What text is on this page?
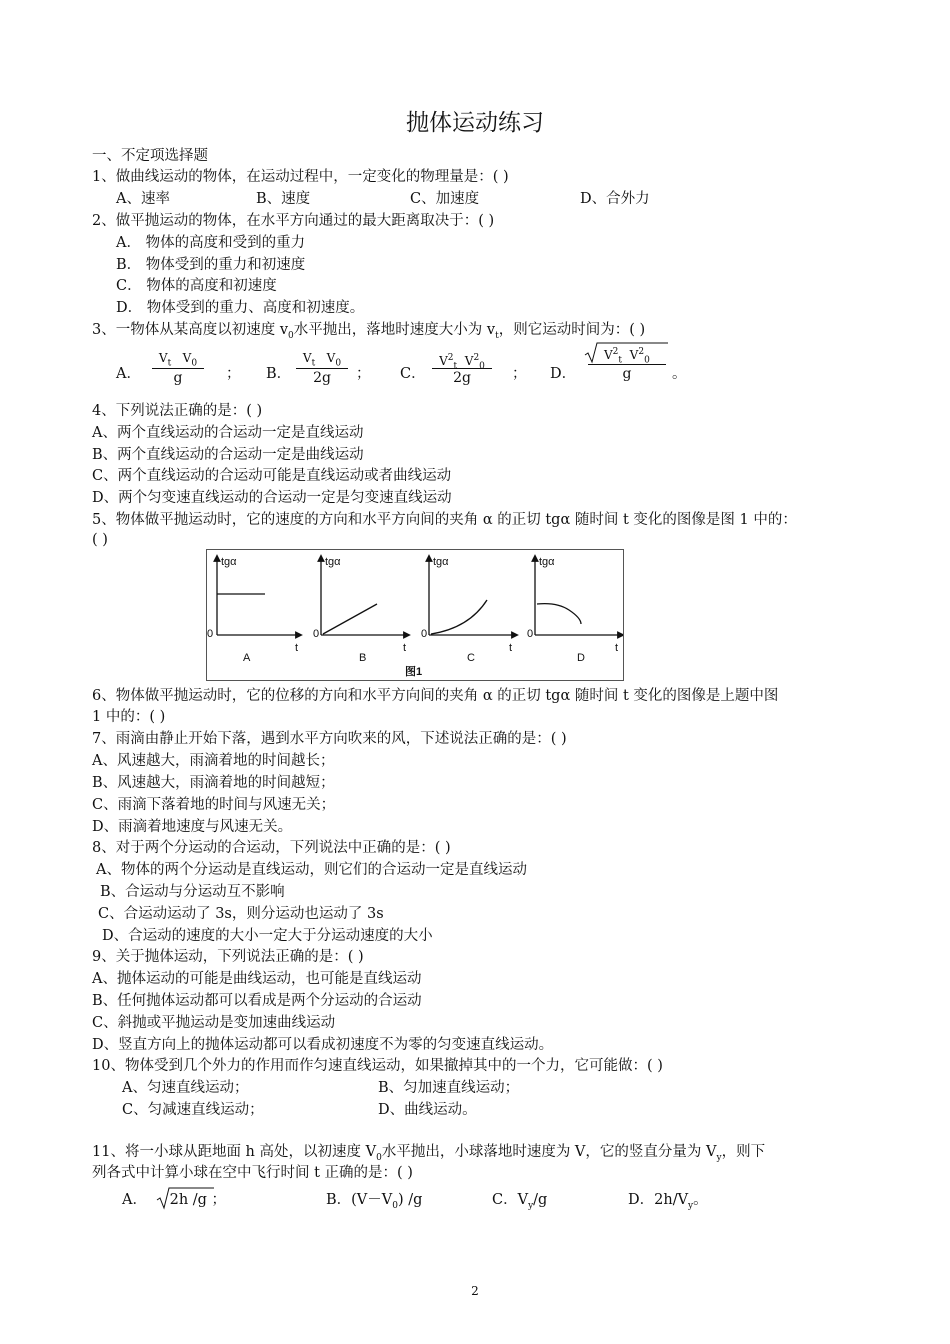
抛体运动练习
一、不定项选择题
1、做曲线运动的物体，在运动过程中，一定变化的物理量是：( )
A、速率	B、速度	C、加速度	D、合外力
2、做平抛运动的物体，在水平方向通过的最大距离取决于：( )
A． 物体的高度和受到的重力
B． 物体受到的重力和初速度
C． 物体的高度和初速度
D． 物体受到的重力、高度和初速度。
3、一物体从某高度以初速度 $v_0$水平抛出，落地时速度大小为 $v_t$，则它运动时间为：( )
A．
$V_t$ $V_0$
g	； B．
$V_t$ $V_0$
2g	； C．
$V^2_t$ $V^2_0$
2g	； D．
$V^2_t$ $V^2_0$
g	。
4、下列说法正确的是：( )
A、两个直线运动的合运动一定是直线运动
B、两个直线运动的合运动一定是曲线运动
C、两个直线运动的合运动可能是直线运动或者曲线运动
D、两个匀变速直线运动的合运动一定是匀变速直线运动
5、物体做平抛运动时，它的速度的方向和水平方向间的夹角 α 的正切 tgα 随时间 t 变化的图像是图 1 中的：
( )
tgα	tgα	tgα	tgα
0	0	0	0
t	t	t	t
A	B	C	D
图1
6、物体做平抛运动时，它的位移的方向和水平方向间的夹角 α 的正切 tgα 随时间 t 变化的图像是上题中图
1 中的：( )
7、雨滴由静止开始下落，遇到水平方向吹来的风，下述说法正确的是：( )
A、风速越大，雨滴着地的时间越长；
B、风速越大，雨滴着地的时间越短；
C、雨滴下落着地的时间与风速无关；
D、雨滴着地速度与风速无关。
8、对于两个分运动的合运动，下列说法中正确的是：( )
A、物体的两个分运动是直线运动，则它们的合运动一定是直线运动
B、合运动与分运动互不影响
C、合运动运动了 3s，则分运动也运动了 3s
D、合运动的速度的大小一定大于分运动速度的大小
9、关于抛体运动，下列说法正确的是：( )
A、抛体运动的可能是曲线运动，也可能是直线运动
B、任何抛体运动都可以看成是两个分运动的合运动
C、斜抛或平抛运动是变加速曲线运动
D、竖直方向上的抛体运动都可以看成初速度不为零的匀变速直线运动。
10、物体受到几个外力的作用而作匀速直线运动，如果撤掉其中的一个力，它可能做：( )
A、匀速直线运动；	B、匀加速直线运动；
C、匀减速直线运动；	D、曲线运动。
11、将一小球从距地面 h 高处，以初速度 $V_0$水平抛出，小球落地时速度为 V，它的竖直分量为 $V_y$，则下
列各式中计算小球在空中飞行时间 t 正确的是：( )
A． 2h /g ；	B．$(V-V_0)$ /g	C．$V_y/g$	D．$2h/V_y$。
2
